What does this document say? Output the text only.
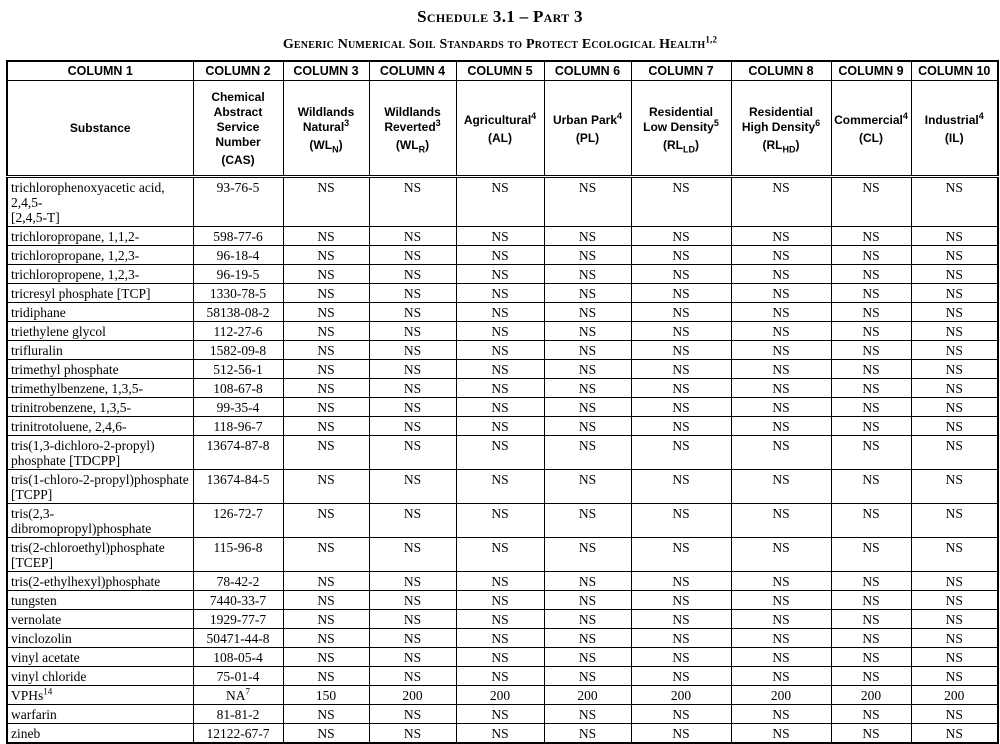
Schedule 3.1 – Part 3
Generic Numerical Soil Standards to Protect Ecological Health$^{1,2}$
COLUMN 1	COLUMN 2	COLUMN 3	COLUMN 4	COLUMN 5	COLUMN 6	COLUMN 7	COLUMN 8	COLUMN 9	COLUMN 10

Substance

Chemical
Abstract
Service
Number
(CAS)

Wildlands
Natural$^3$
$(WL_N)$

Wildlands
Reverted$^3$
$(WL_R)$

Agricultural$^4$
(AL)

Urban Park$^4$
(PL)

Residential
Low Density$^5$
$(RL_{LD})$

Residential
High Density$^6$
$(RL_{HD})$

Commercial$^4$
(CL)

Industrial$^4$
(IL)

trichlorophenoxyacetic acid, 2,4,5-
[2,4,5-T]	93-76-5	NS	NS	NS	NS	NS	NS	NS	NS
trichloropropane, 1,1,2-	598-77-6	NS	NS	NS	NS	NS	NS	NS	NS
trichloropropane, 1,2,3-	96-18-4	NS	NS	NS	NS	NS	NS	NS	NS
trichloropropene, 1,2,3-	96-19-5	NS	NS	NS	NS	NS	NS	NS	NS
tricresyl phosphate [TCP]	1330-78-5	NS	NS	NS	NS	NS	NS	NS	NS
tridiphane	58138-08-2	NS	NS	NS	NS	NS	NS	NS	NS
triethylene glycol	112-27-6	NS	NS	NS	NS	NS	NS	NS	NS
trifluralin	1582-09-8	NS	NS	NS	NS	NS	NS	NS	NS
trimethyl phosphate	512-56-1	NS	NS	NS	NS	NS	NS	NS	NS
trimethylbenzene, 1,3,5-	108-67-8	NS	NS	NS	NS	NS	NS	NS	NS
trinitrobenzene, 1,3,5-	99-35-4	NS	NS	NS	NS	NS	NS	NS	NS
trinitrotoluene, 2,4,6-	118-96-7	NS	NS	NS	NS	NS	NS	NS	NS
tris(1,3-dichloro-2-propyl)
phosphate [TDCPP]	13674-87-8	NS	NS	NS	NS	NS	NS	NS	NS
tris(1-chloro-2-propyl)phosphate
[TCPP]	13674-84-5	NS	NS	NS	NS	NS	NS	NS	NS
tris(2,3-dibromopropyl)phosphate	126-72-7	NS	NS	NS	NS	NS	NS	NS	NS
tris(2-chloroethyl)phosphate
[TCEP]	115-96-8	NS	NS	NS	NS	NS	NS	NS	NS
tris(2-ethylhexyl)phosphate	78-42-2	NS	NS	NS	NS	NS	NS	NS	NS
tungsten	7440-33-7	NS	NS	NS	NS	NS	NS	NS	NS
vernolate	1929-77-7	NS	NS	NS	NS	NS	NS	NS	NS
vinclozolin	50471-44-8	NS	NS	NS	NS	NS	NS	NS	NS
vinyl acetate	108-05-4	NS	NS	NS	NS	NS	NS	NS	NS
vinyl chloride	75-01-4	NS	NS	NS	NS	NS	NS	NS	NS
VPHs$^{14}$	$NA^7$	150	200	200	200	200	200	200	200
warfarin	81-81-2	NS	NS	NS	NS	NS	NS	NS	NS
zineb	12122-67-7	NS	NS	NS	NS	NS	NS	NS	NS
